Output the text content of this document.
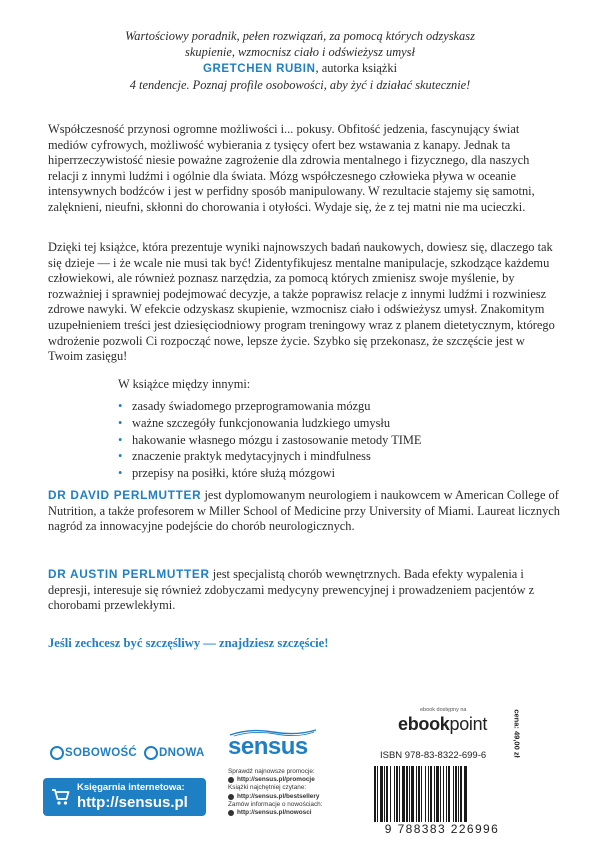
Wartościowy poradnik, pełen rozwiązań, za pomocą których odzyskasz
skupienie, wzmocnisz ciało i odświeżysz umysł
GRETCHEN RUBIN, autorka książki
4 tendencje. Poznaj profile osobowości, aby żyć i działać skutecznie!

Współczesność przynosi ogromne możliwości i... pokusy. Obfitość jedzenia, fascynujący świat mediów cyfrowych, możliwość wybierania z tysięcy ofert bez wstawania z kanapy. Jednak ta hiperrzeczywistość niesie poważne zagrożenie dla zdrowia mentalnego i fizycznego, dla naszych relacji z innymi ludźmi i ogólnie dla świata. Mózg współczesnego człowieka pływa w oceanie intensywnych bodźców i jest w perfidny sposób manipulowany. W rezultacie stajemy się samotni, zalęknieni, nieufni, skłonni do chorowania i otyłości. Wydaje się, że z tej matni nie ma ucieczki.

Dzięki tej książce, która prezentuje wyniki najnowszych badań naukowych, dowiesz się, dlaczego tak się dzieje — i że wcale nie musi tak być! Zidentyfikujesz mentalne manipulacje, szkodzące każdemu człowiekowi, ale również poznasz narzędzia, za pomocą których zmienisz swoje myślenie, by rozważniej i sprawniej podejmować decyzje, a także poprawisz relacje z innymi ludźmi i rozwiniesz zdrowe nawyki. W efekcie odzyskasz skupienie, wzmocnisz ciało i odświeżysz umysł. Znakomitym uzupełnieniem treści jest dziesięciodniowy program treningowy wraz z planem dietetycznym, którego wdrożenie pozwoli Ci rozpocząć nowe, lepsze życie. Szybko się przekonasz, że szczęście jest w Twoim zasięgu!

W książce między innymi:
• zasady świadomego przeprogramowania mózgu
• ważne szczegóły funkcjonowania ludzkiego umysłu
• hakowanie własnego mózgu i zastosowanie metody TIME
• znaczenie praktyk medytacyjnych i mindfulness
• przepisy na posiłki, które służą mózgowi

DR DAVID PERLMUTTER jest dyplomowanym neurologiem i naukowcem w American College of Nutrition, a także profesorem w Miller School of Medicine przy University of Miami. Laureat licznych nagród za innowacyjne podejście do chorób neurologicznych.

DR AUSTIN PERLMUTTER jest specjalistą chorób wewnętrznych. Bada efekty wypalenia i depresji, interesuje się również zdobyczami medycyny prewencyjnej i prowadzeniem pacjentów z chorobami przewlekłymi.

Jeśli zechcesz być szczęśliwy — znajdziesz szczęście!
SOBOWOŚĆ DNOWA
Księgarnia internetowa:
http://sensus.pl
sensus
Sprawdź najnowsze promocje:
http://sensus.pl/promocje
Książki najchętniej czytane:
http://sensus.pl/bestsellery
Zamów informacje o nowościach:
http://sensus.pl/nowosci
ebook dostępny na
ebookpoint
ISBN 978-83-8322-699-6
9 788383 226996
cena: 49,00 zł
